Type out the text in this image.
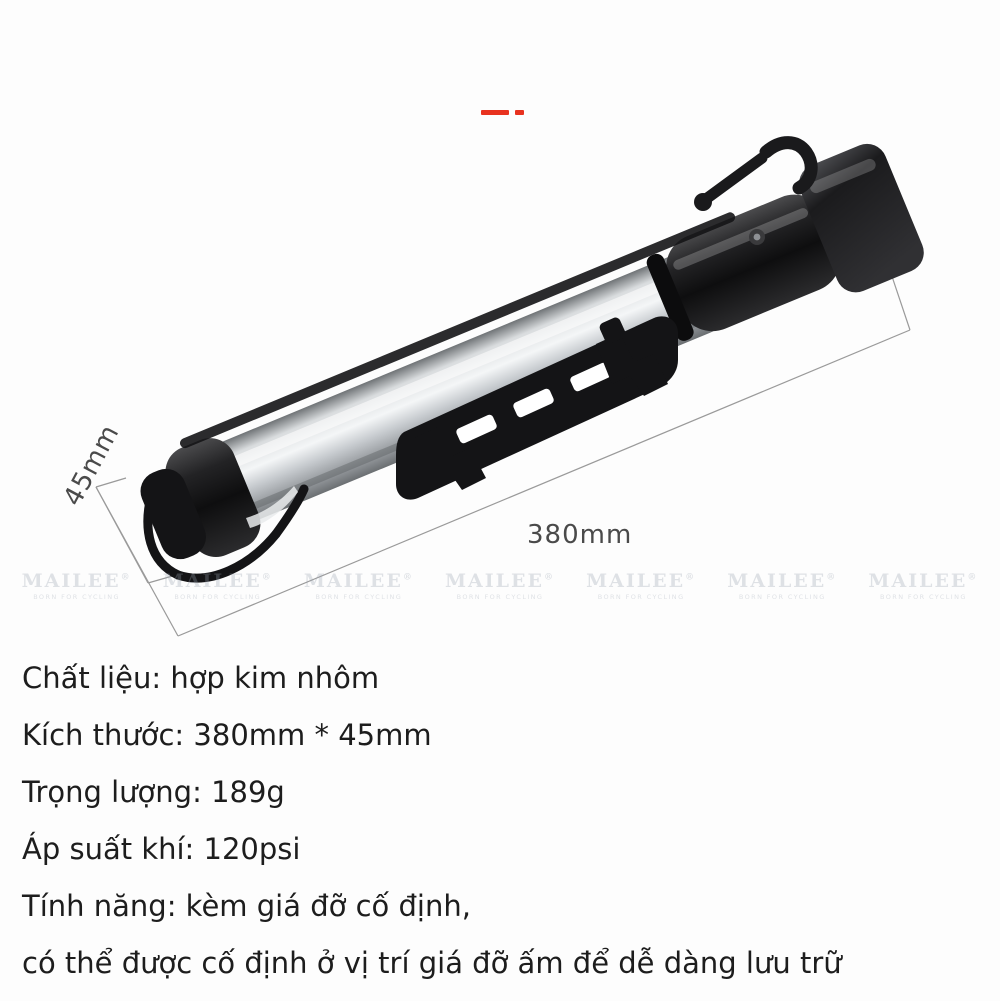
380mm
45mm
MAILEE®
BORN FOR CYCLING
MAILEE®
BORN FOR CYCLING
MAILEE®
BORN FOR CYCLING
MAILEE®
BORN FOR CYCLING
MAILEE®
BORN FOR CYCLING
MAILEE®
BORN FOR CYCLING
MAILEE®
BORN FOR CYCLING
Chất liệu: hợp kim nhôm
Kích thước: 380mm * 45mm
Trọng lượng: 189g
Áp suất khí: 120psi
Tính năng: kèm giá đỡ cố định,
có thể được cố định ở vị trí giá đỡ ấm để dễ dàng lưu trữ
